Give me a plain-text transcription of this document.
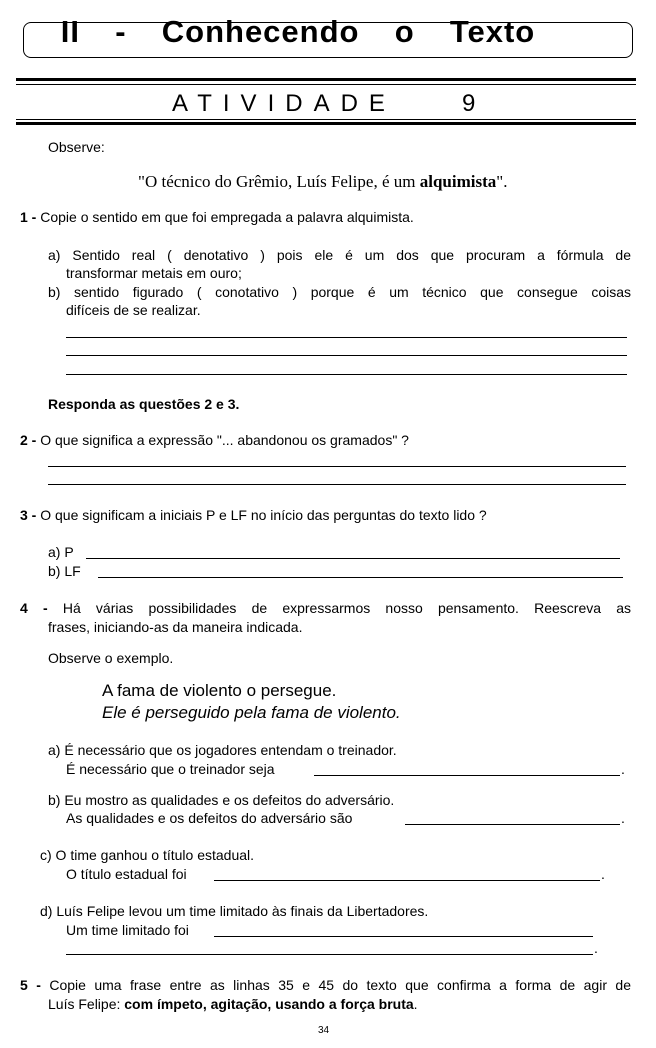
II  -  Conhecendo  o  Texto
ATIVIDADE	9
Observe:
"O técnico do Grêmio, Luís Felipe, é um alquimista".
1 - Copie o sentido em que foi empregada a palavra alquimista.
a) Sentido real ( denotativo ) pois ele é um dos que procuram a fórmula de
transformar metais em ouro;
b) sentido figurado ( conotativo ) porque é um técnico que consegue coisas
difíceis de se realizar.
Responda as questões 2 e 3.
2 - O que significa a expressão "... abandonou os gramados" ?
3 - O que significam a iniciais P e LF no início das perguntas do texto lido ?
a) P
b) LF
4 - Há várias possibilidades de expressarmos nosso pensamento. Reescreva as
frases, iniciando-as da maneira indicada.
Observe o exemplo.
A fama de violento o persegue.
Ele é perseguido pela fama de violento.
a) É necessário que os jogadores entendam o treinador.
É necessário que o treinador seja	.
b) Eu mostro as qualidades e os defeitos do adversário.
As qualidades e os defeitos do adversário são	.
c) O time ganhou o título estadual.
O título estadual foi	.
d) Luís Felipe levou um time limitado às finais da Libertadores.
Um time limitado foi
.
5 - Copie uma frase entre as linhas 35 e 45 do texto que confirma a forma de agir de
Luís Felipe: com ímpeto, agitação, usando a força bruta.
34
